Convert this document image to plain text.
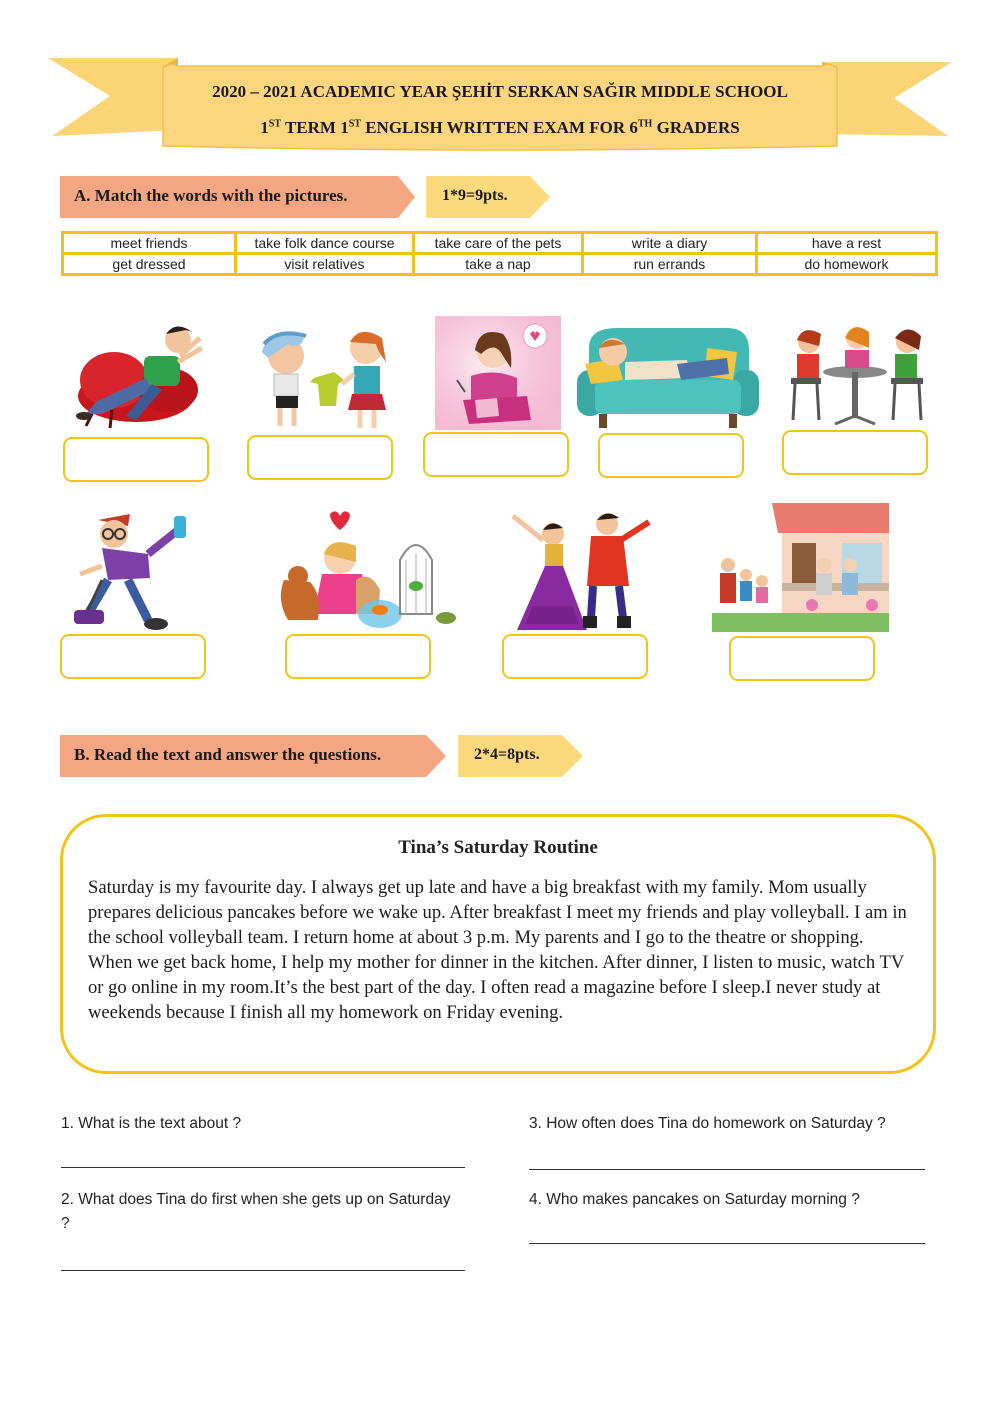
2020 – 2021 ACADEMIC YEAR ŞEHİT SERKAN SAĞIR MIDDLE SCHOOL
1ST TERM 1ST ENGLISH WRITTEN EXAM FOR 6TH GRADERS
A. Match the words with the pictures.	1*9=9pts.
meet friends	take folk dance course	take care of the pets	write a diary	have a rest
get dressed	visit relatives	take a nap	run errands	do homework
B. Read the text and answer the questions.	2*4=8pts.
Tina’s Saturday Routine
Saturday is my favourite day. I always get up late and have a big breakfast with my family. Mom usually prepares delicious pancakes before we wake up. After breakfast I meet my friends and play volleyball. I am in the school volleyball team. I return home at about 3 p.m. My parents and I go to the theatre or shopping. When we get back home, I help my mother for dinner in the kitchen. After dinner, I listen to music, watch TV or go online in my room.It’s the best part of the day. I often read a magazine before I sleep.I never study at weekends because I finish all my homework on Friday evening.
1. What is the text about ?
2. What does Tina do first when she gets up on Saturday ?
3. How often does Tina do homework on Saturday ?
4. Who makes pancakes on Saturday morning ?
